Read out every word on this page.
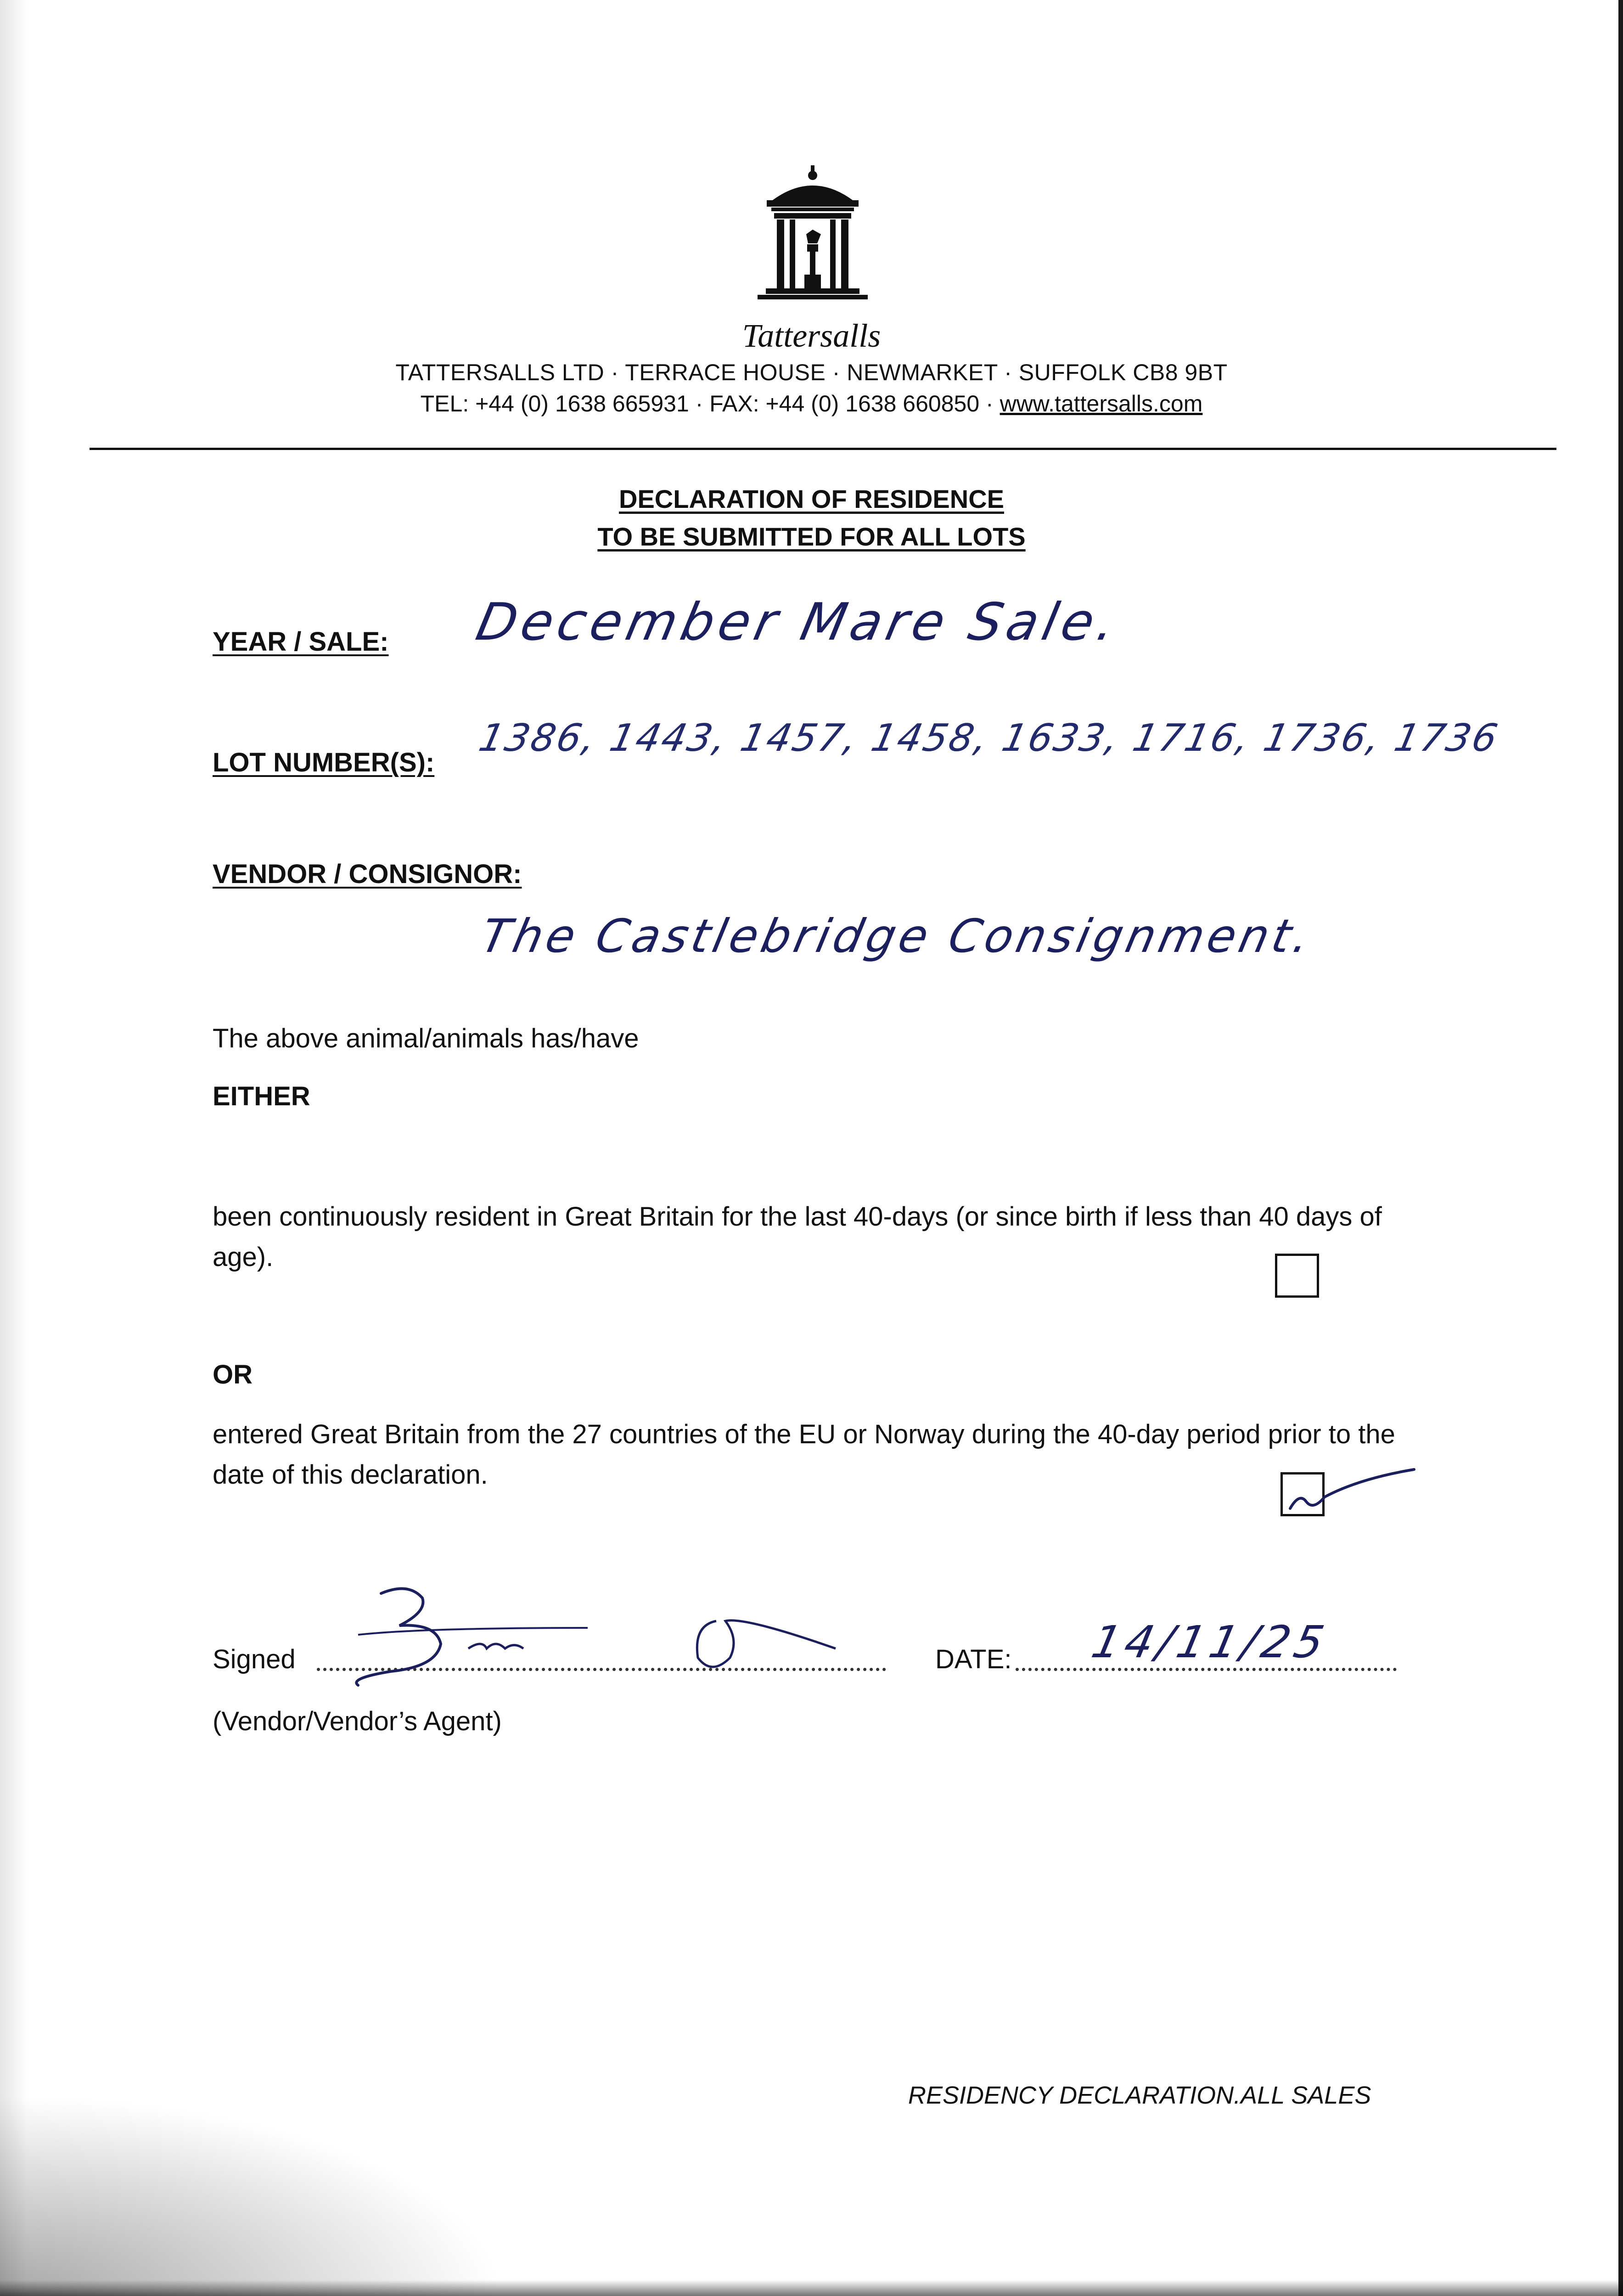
Tattersalls
TATTERSALLS LTD · TERRACE HOUSE · NEWMARKET · SUFFOLK CB8 9BT
TEL: +44 (0) 1638 665931 · FAX: +44 (0) 1638 660850 · www.tattersalls.com
DECLARATION OF RESIDENCE
TO BE SUBMITTED FOR ALL LOTS
YEAR / SALE: December Mare Sale.
LOT NUMBER(S):
1386, 1443, 1457, 1458, 1633, 1716, 1736, 1736
VENDOR / CONSIGNOR:
The Castlebridge Consignment.
The above animal/animals has/have
EITHER
been continuously resident in Great Britain for the last 40-days (or since birth if less than 40 days of age).
OR
entered Great Britain from the 27 countries of the EU or Norway during the 40-day period prior to the date of this declaration.
Signed	DATE: 14/11/25
(Vendor/Vendor’s Agent)
RESIDENCY DECLARATION.ALL SALES
